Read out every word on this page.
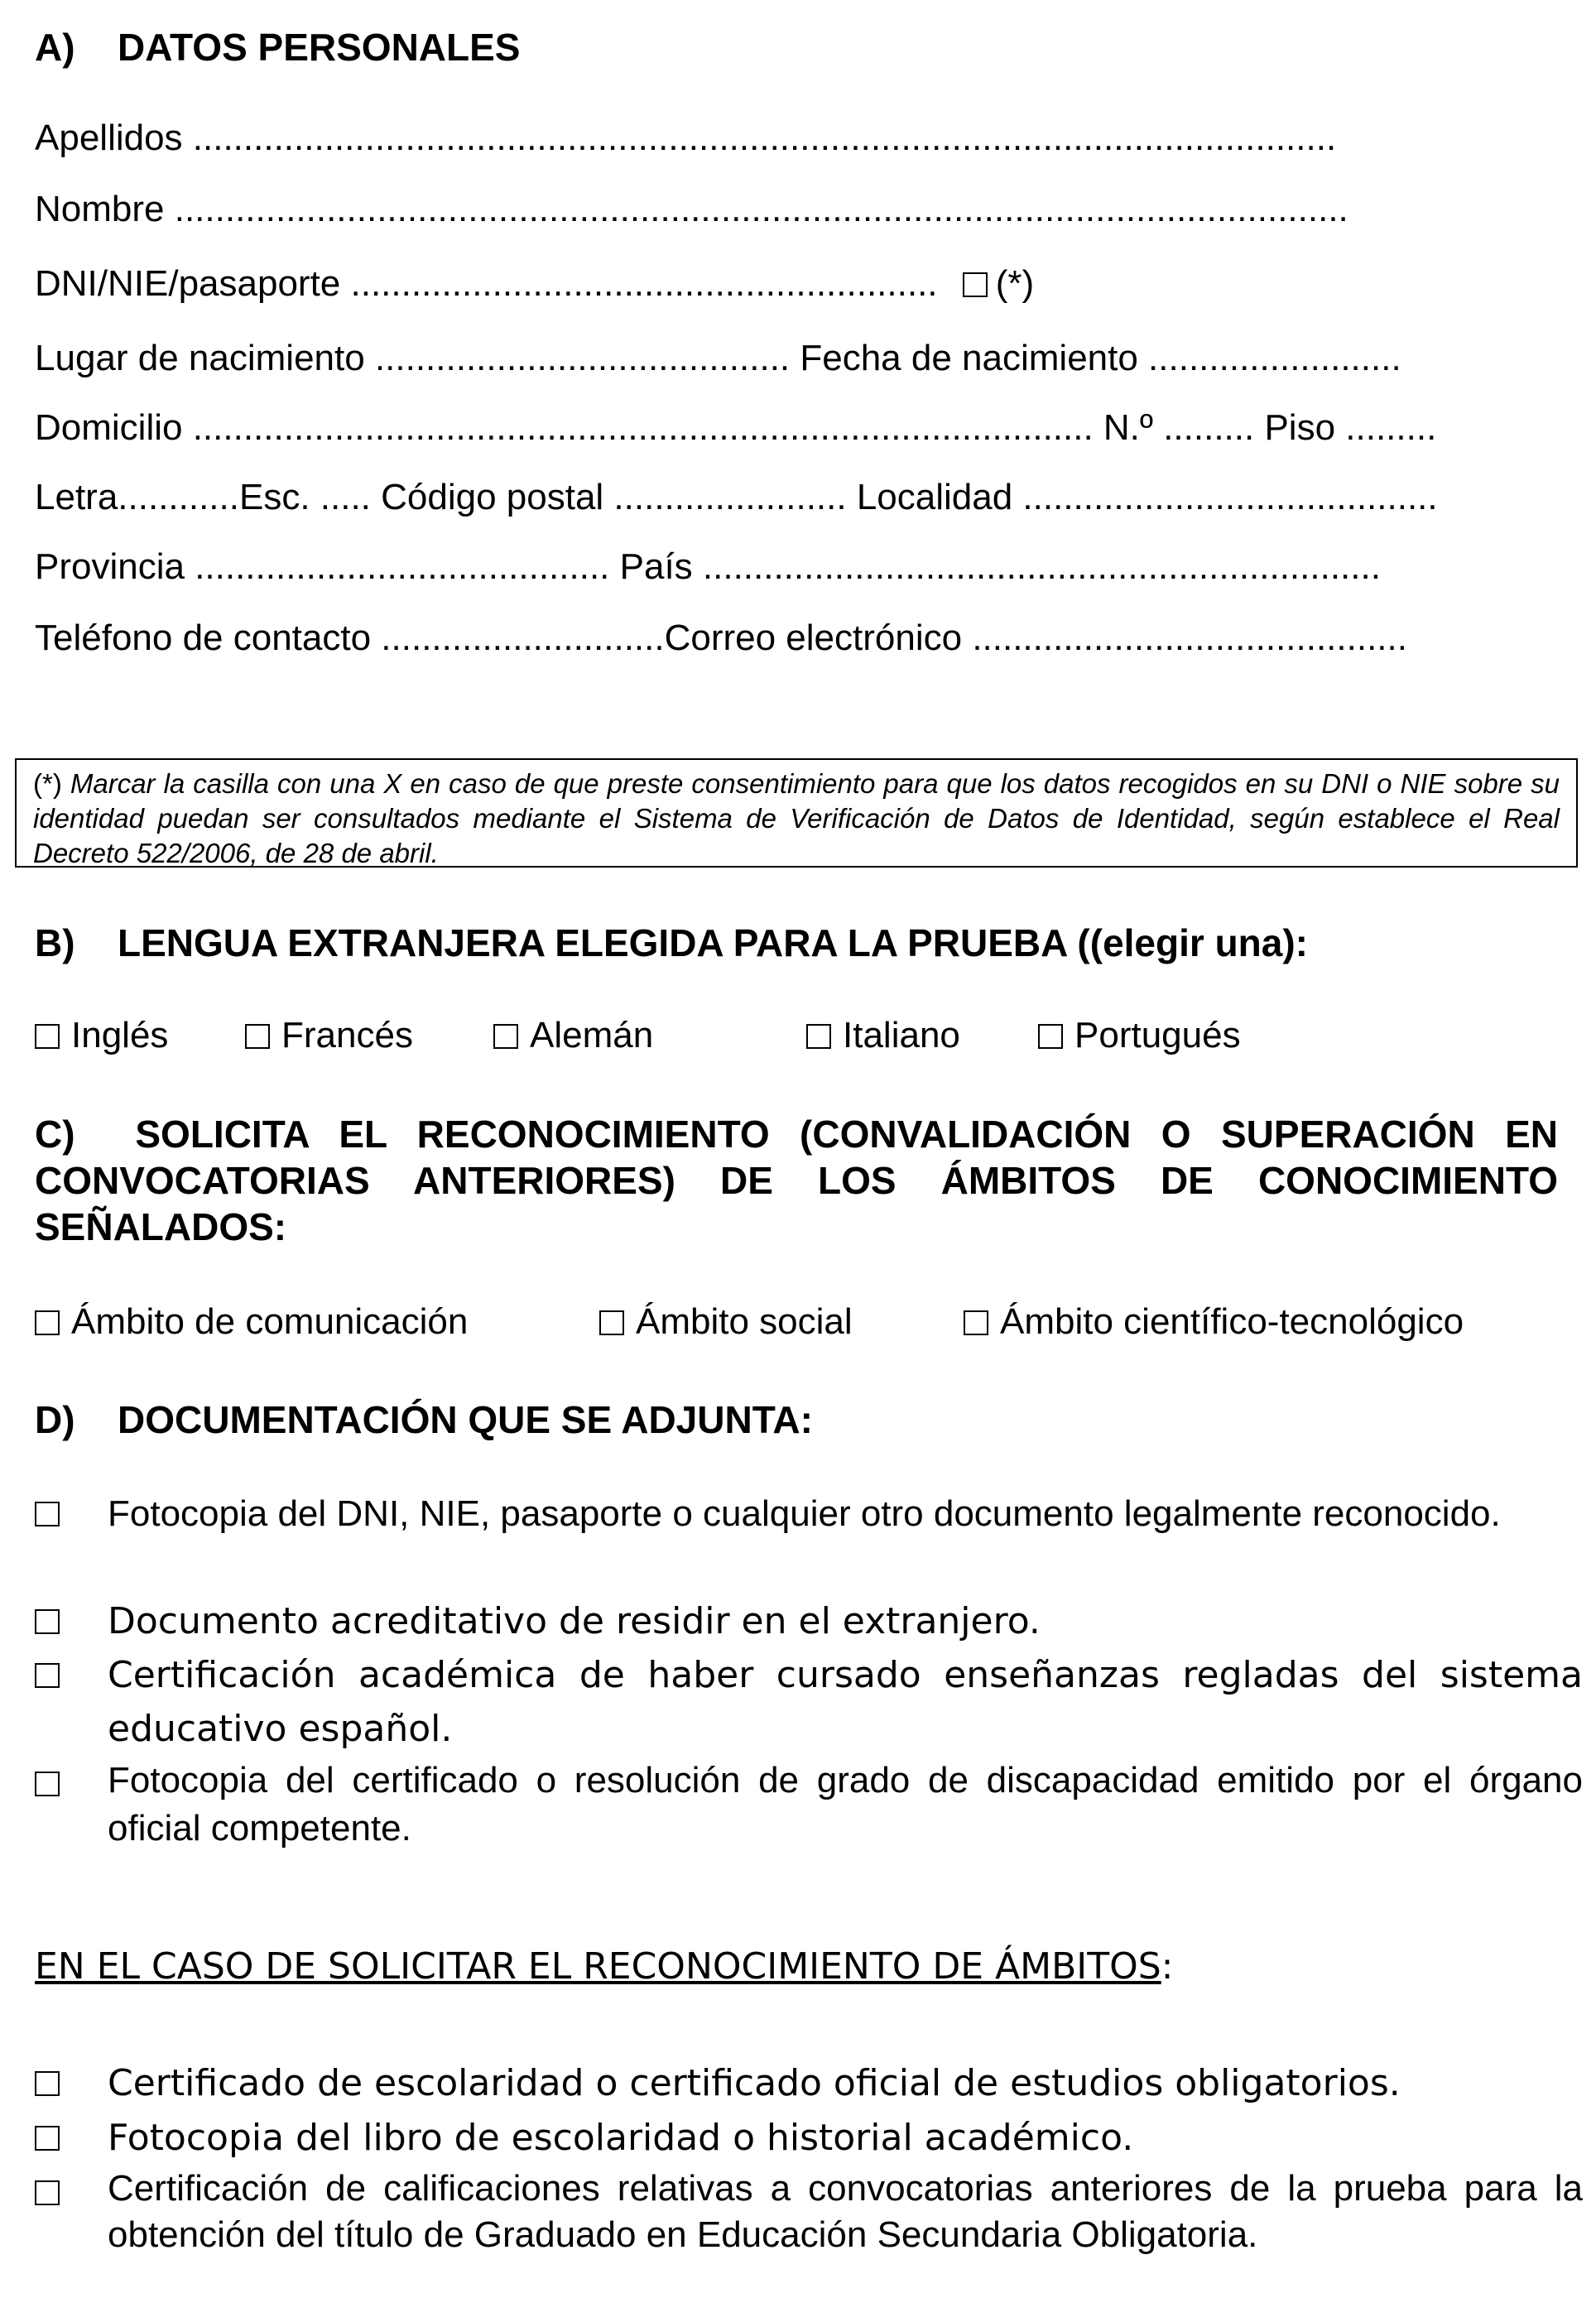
A) DATOS PERSONALES
Apellidos .................................................................................................................
Nombre ....................................................................................................................
DNI/NIE/pasaporte .......................................................... (*)
Lugar de nacimiento ......................................... Fecha de nacimiento .........................
Domicilio ......................................................................................... N.º ......... Piso .........
Letra............Esc. ..... Código postal ....................... Localidad .........................................
Provincia ......................................... País ...................................................................
Teléfono de contacto ............................Correo electrónico ...........................................
(*) Marcar la casilla con una X en caso de que preste consentimiento para que los datos recogidos en su DNI o NIE sobre su identidad puedan ser consultados mediante el Sistema de Verificación de Datos de Identidad, según establece el Real Decreto 522/2006, de 28 de abril.
B) LENGUA EXTRANJERA ELEGIDA PARA LA PRUEBA ((elegir una):
Inglés	Francés	Alemán	Italiano	Portugués
C) SOLICITA EL RECONOCIMIENTO (CONVALIDACIÓN O SUPERACIÓN EN CONVOCATORIAS ANTERIORES) DE LOS ÁMBITOS DE CONOCIMIENTO SEÑALADOS:
Ámbito de comunicación	Ámbito social	Ámbito científico-tecnológico
D) DOCUMENTACIÓN QUE SE ADJUNTA:
Fotocopia del DNI, NIE, pasaporte o cualquier otro documento legalmente reconocido.
Documento acreditativo de residir en el extranjero.
Certificación académica de haber cursado enseñanzas regladas del sistema educativo español.
Fotocopia del certificado o resolución de grado de discapacidad emitido por el órgano oficial competente.
EN EL CASO DE SOLICITAR EL RECONOCIMIENTO DE ÁMBITOS:
Certificado de escolaridad o certificado oficial de estudios obligatorios.
Fotocopia del libro de escolaridad o historial académico.
Certificación de calificaciones relativas a convocatorias anteriores de la prueba para la obtención del título de Graduado en Educación Secundaria Obligatoria.
